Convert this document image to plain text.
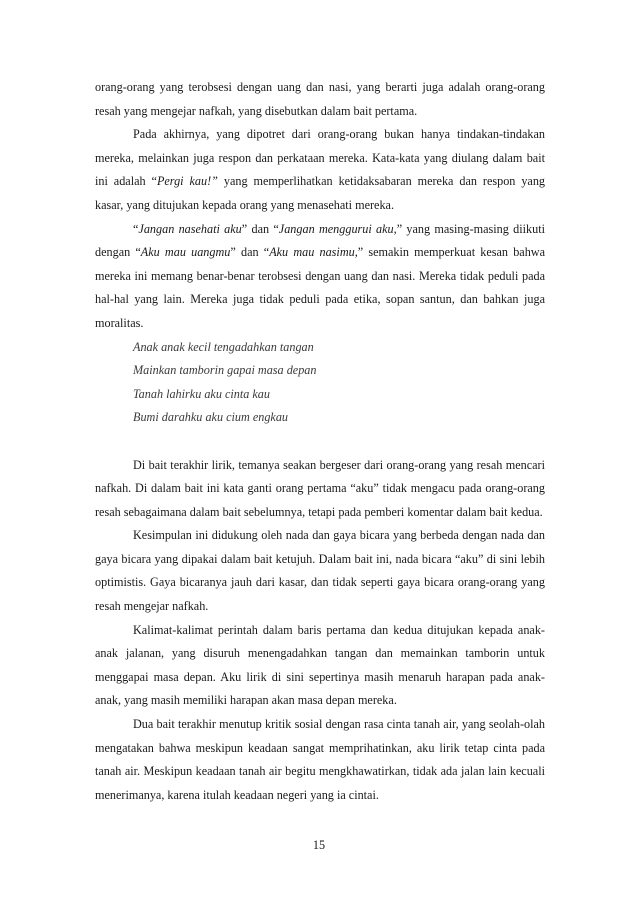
orang-orang yang terobsesi dengan uang dan nasi, yang berarti juga adalah orang-orang resah yang mengejar nafkah, yang disebutkan dalam bait pertama.

Pada akhirnya, yang dipotret dari orang-orang bukan hanya tindakan-tindakan mereka, melainkan juga respon dan perkataan mereka. Kata-kata yang diulang dalam bait ini adalah “Pergi kau!” yang memperlihatkan ketidaksabaran mereka dan respon yang kasar, yang ditujukan kepada orang yang menasehati mereka.

“Jangan nasehati aku” dan “Jangan menggurui aku,” yang masing-masing diikuti dengan “Aku mau uangmu” dan “Aku mau nasimu,” semakin memperkuat kesan bahwa mereka ini memang benar-benar terobsesi dengan uang dan nasi. Mereka tidak peduli pada hal-hal yang lain. Mereka juga tidak peduli pada etika, sopan santun, dan bahkan juga moralitas.

Anak anak kecil tengadahkan tangan
Mainkan tamborin gapai masa depan
Tanah lahirku aku cinta kau
Bumi darahku aku cium engkau

Di bait terakhir lirik, temanya seakan bergeser dari orang-orang yang resah mencari nafkah. Di dalam bait ini kata ganti orang pertama “aku” tidak mengacu pada orang-orang resah sebagaimana dalam bait sebelumnya, tetapi pada pemberi komentar dalam bait kedua.

Kesimpulan ini didukung oleh nada dan gaya bicara yang berbeda dengan nada dan gaya bicara yang dipakai dalam bait ketujuh. Dalam bait ini, nada bicara “aku” di sini lebih optimistis. Gaya bicaranya jauh dari kasar, dan tidak seperti gaya bicara orang-orang yang resah mengejar nafkah.

Kalimat-kalimat perintah dalam baris pertama dan kedua ditujukan kepada anak-anak jalanan, yang disuruh menengadahkan tangan dan memainkan tamborin untuk menggapai masa depan. Aku lirik di sini sepertinya masih menaruh harapan pada anak-anak, yang masih memiliki harapan akan masa depan mereka.

Dua bait terakhir menutup kritik sosial dengan rasa cinta tanah air, yang seolah-olah mengatakan bahwa meskipun keadaan sangat memprihatinkan, aku lirik tetap cinta pada tanah air. Meskipun keadaan tanah air begitu mengkhawatirkan, tidak ada jalan lain kecuali menerimanya, karena itulah keadaan negeri yang ia cintai.

15
